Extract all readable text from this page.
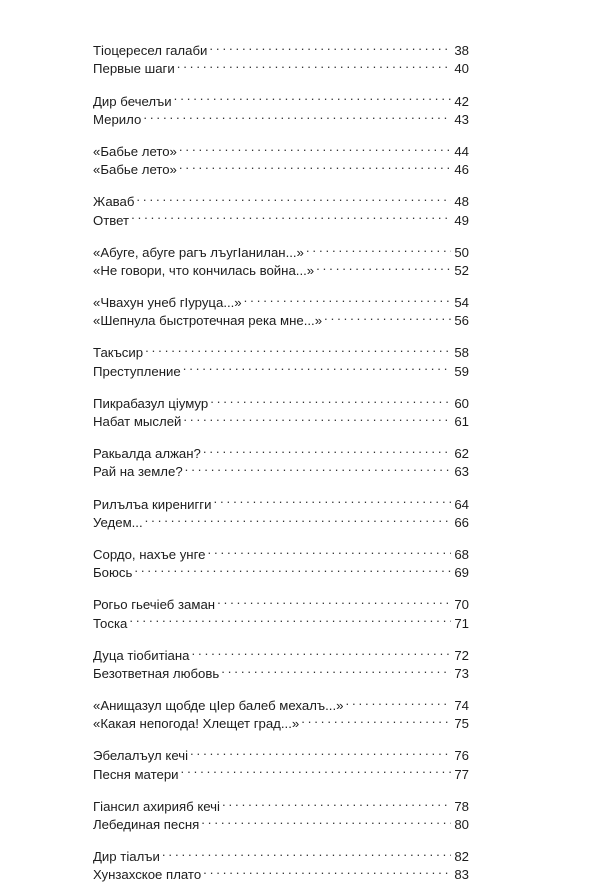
Тіоцересел галаби . . .	38
Первые шаги . . .	40
Дир бечелъи . . .	42
Мерило . . .	43
«Бабье лето» . . .	44
«Бабье лето» . . .	46
Жаваб . . .	48
Ответ . . .	49
«Абуге, абуге рагъ лъугІанилан...» . . .	50
«Не говори, что кончилась война...» . . .	52
«Чвахун унеб гІуруца...» . . .	54
«Шепнула быстротечная река мне...» . . .	56
Такъсир . . .	58
Преступление . . .	59
Пикрабазул ціумур . . .	60
Набат мыслей . . .	61
Ракьалда алжан? . . .	62
Рай на земле? . . .	63
Рилълъа киренигги . . .	64
Уедем... . . .	66
Сордо, нахъе унге . . .	68
Боюсь . . .	69
Рогьо гьечіеб заман . . .	70
Тоска . . .	71
Дуца тіобитіана . . .	72
Безответная любовь . . .	73
«Анищазул щобде цІер балеб мехалъ...» . . .	74
«Какая непогода! Хлещет град...» . . .	75
Эбелалъул кечі . . .	76
Песня матери . . .	77
Гіансил ахирияб кечі . . .	78
Лебединая песня . . .	80
Дир тіалъи . . .	82
Хунзахское плато . . .	83
